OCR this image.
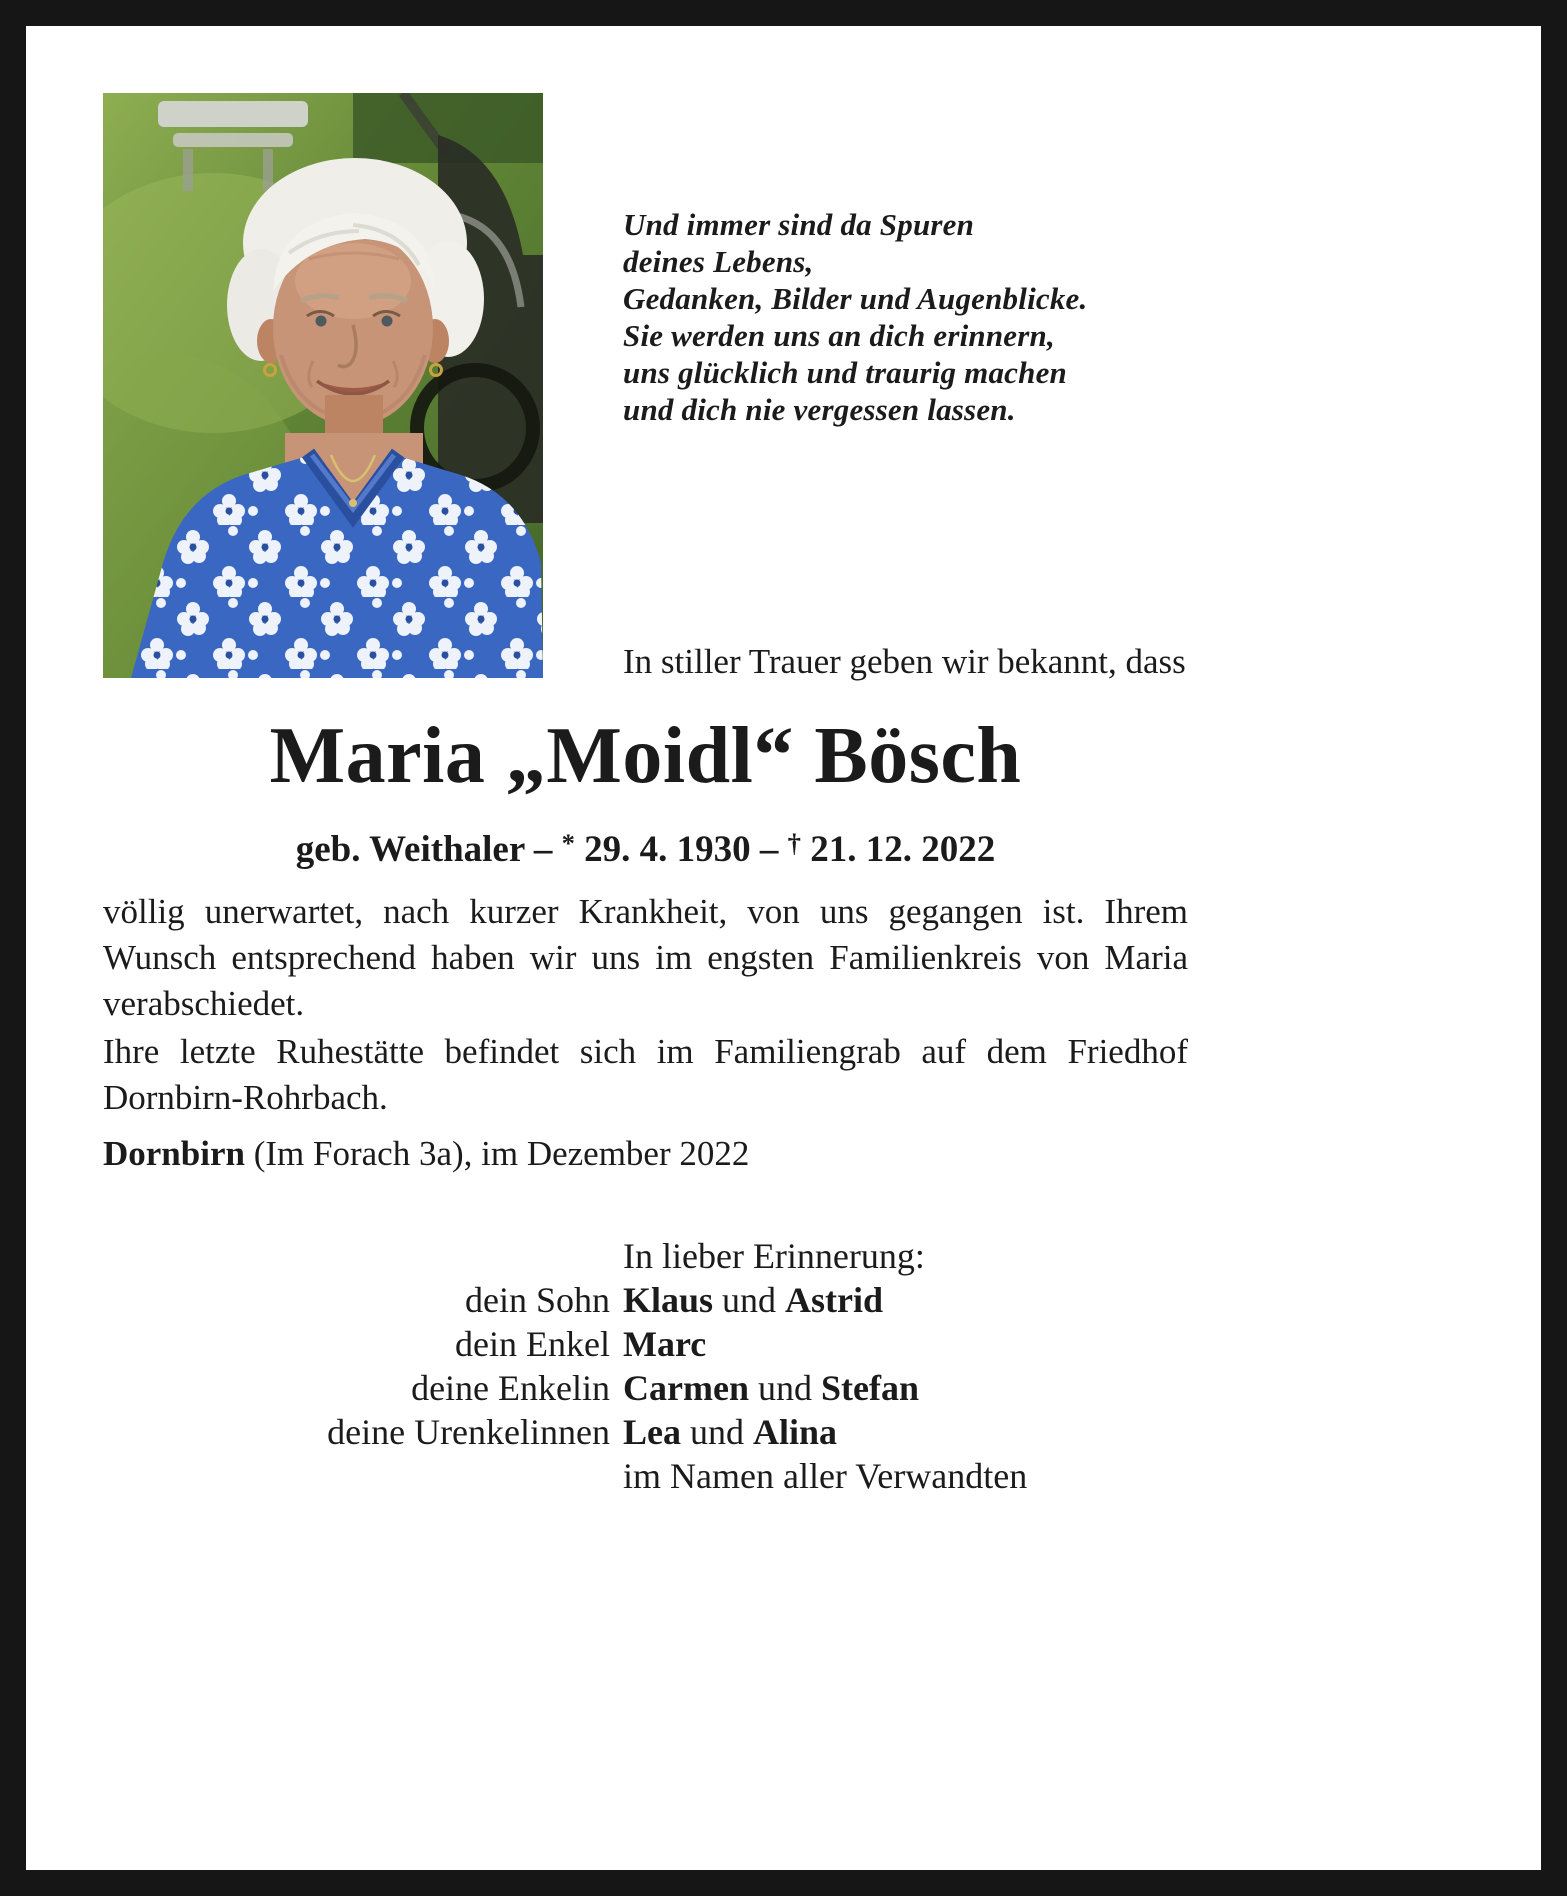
Und immer sind da Spuren
deines Lebens,
Gedanken, Bilder und Augenblicke.
Sie werden uns an dich erinnern,
uns glücklich und traurig machen
und dich nie vergessen lassen.
In stiller Trauer geben wir bekannt, dass
Maria „Moidl“ Bösch
geb. Weithaler – * 29. 4. 1930 – † 21. 12. 2022

völlig unerwartet, nach kurzer Krankheit, von uns gegangen ist. Ihrem Wunsch entsprechend haben wir uns im engsten Familienkreis von Maria verabschiedet.

Ihre letzte Ruhestätte befindet sich im Familiengrab auf dem Friedhof Dornbirn-Rohrbach.

Dornbirn (Im Forach 3a), im Dezember 2022
In lieber Erinnerung:
dein Sohn Klaus und Astrid
dein Enkel Marc
deine Enkelin Carmen und Stefan
deine Urenkelinnen Lea und Alina
im Namen aller Verwandten
